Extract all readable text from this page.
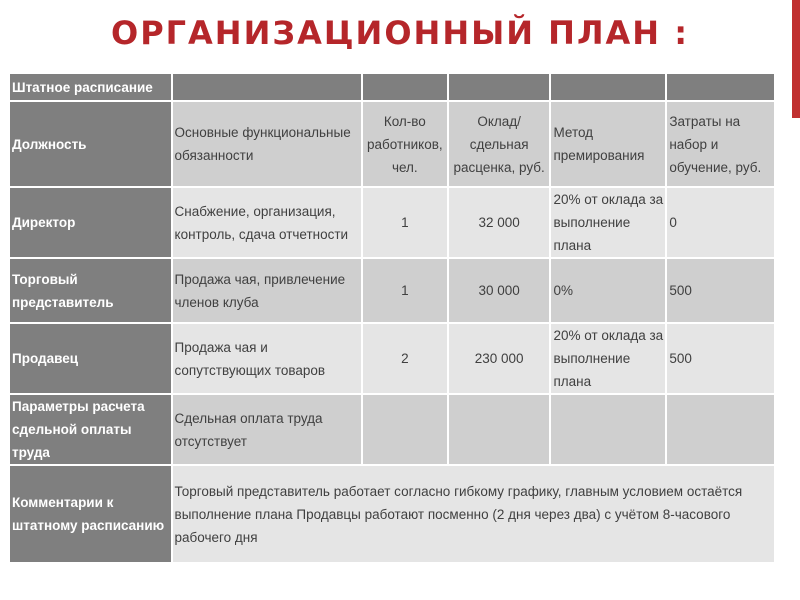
ОРГАНИЗАЦИОННЫЙ ПЛАН :
Штатное расписание					
Должность	Основные функциональные обязанности	Кол-во работников, чел.	Оклад/ сдельная расценка, руб.	Метод премирования	Затраты на набор и обучение, руб.
Директор	Снабжение, организация, контроль, сдача отчетности	1	32 000	20% от оклада за выполнение плана	0
Торговый представитель	Продажа чая, привлечение членов клуба	1	30 000	0%	500
Продавец	Продажа чая и сопутствующих товаров	2	230 000	20% от оклада за выполнение плана	500
Параметры расчета сдельной оплаты труда	Сдельная оплата труда отсутствует				
Комментарии к штатному расписанию	Торговый представитель работает согласно гибкому графику, главным условием остаётся выполнение плана Продавцы работают посменно (2 дня через два) с учётом 8-часового рабочего дня				
